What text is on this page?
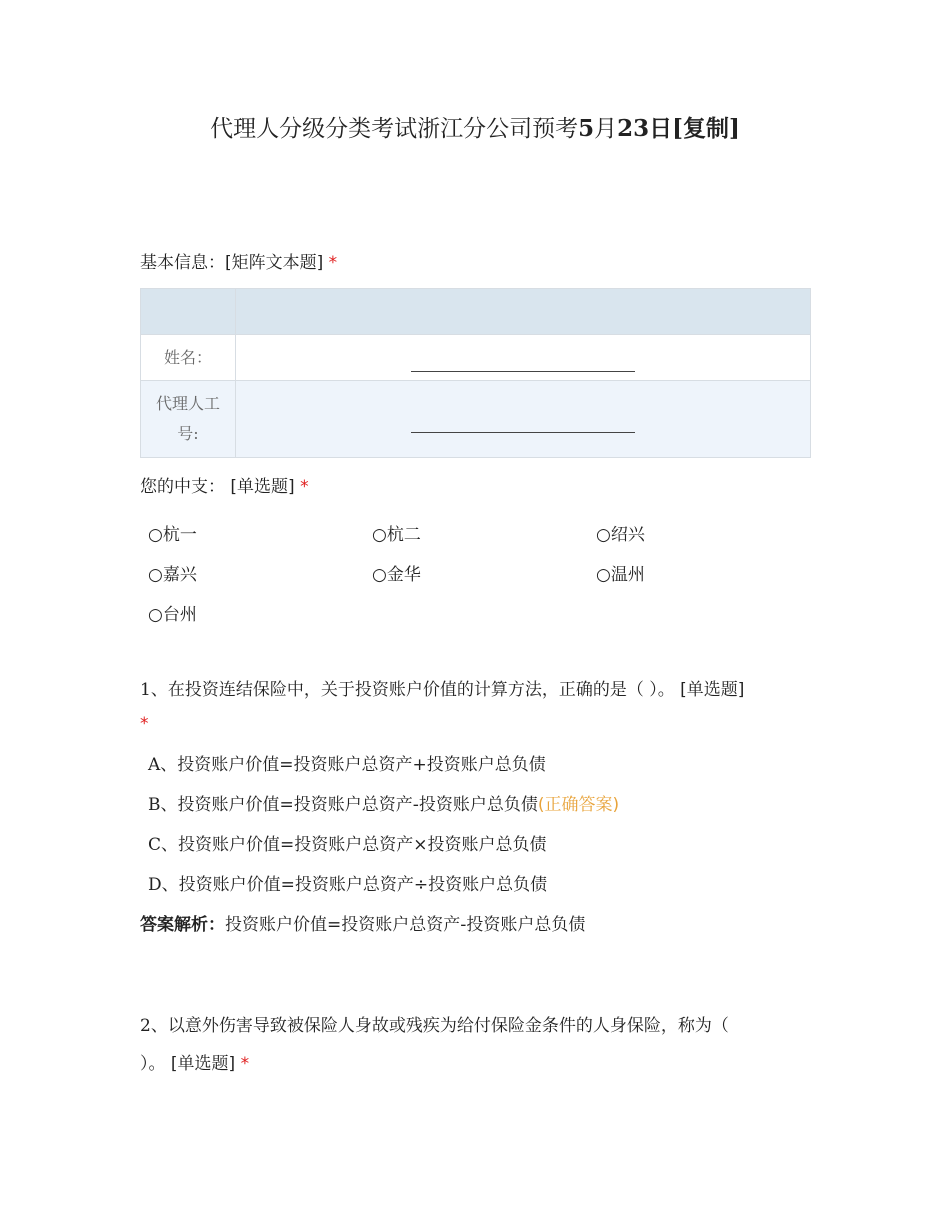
代理人分级分类考试浙江分公司预考5月23日[复制]
基本信息：[矩阵文本题] *

姓名：	

代理人工
号:	
您的中支： [单选题] *
○杭一	○杭二	○绍兴
○嘉兴	○金华	○温州
○台州
1、在投资连结保险中，关于投资账户价值的计算方法，正确的是（ ）。 [单选题]
*
A、投资账户价值=投资账户总资产+投资账户总负债
B、投资账户价值=投资账户总资产-投资账户总负债(正确答案)
C、投资账户价值=投资账户总资产×投资账户总负债
D、投资账户价值=投资账户总资产÷投资账户总负债
答案解析：投资账户价值=投资账户总资产-投资账户总负债
2、以意外伤害导致被保险人身故或残疾为给付保险金条件的人身保险，称为（
）。 [单选题] *
